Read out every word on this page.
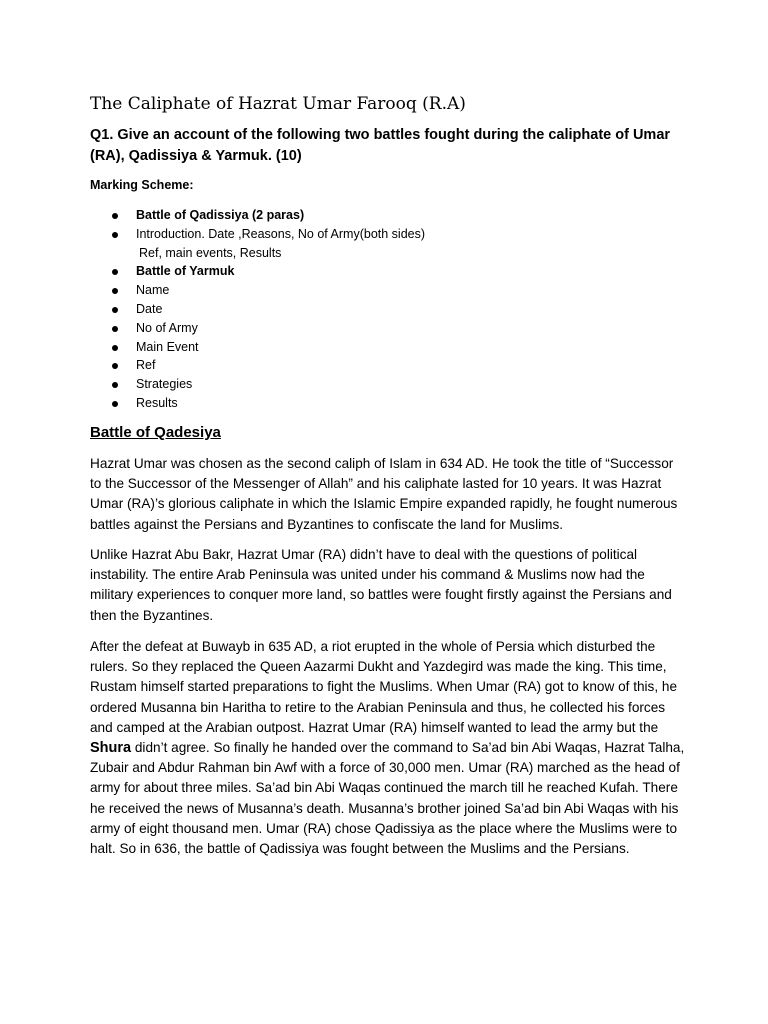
The Caliphate of Hazrat Umar Farooq (R.A)

Q1. Give an account of the following two battles fought during the caliphate of Umar (RA), Qadissiya & Yarmuk. (10)

Marking Scheme:

Battle of Qadissiya (2 paras)
Introduction. Date ,Reasons, No of Army(both sides)
Ref, main events, Results
Battle of Yarmuk
Name
Date
No of Army
Main Event
Ref
Strategies
Results
Battle of Qadesiya

Hazrat Umar was chosen as the second caliph of Islam in 634 AD. He took the title of “Successor to the Successor of the Messenger of Allah” and his caliphate lasted for 10 years. It was Hazrat Umar (RA)’s glorious caliphate in which the Islamic Empire expanded rapidly, he fought numerous battles against the Persians and Byzantines to confiscate the land for Muslims.

Unlike Hazrat Abu Bakr, Hazrat Umar (RA) didn’t have to deal with the questions of political instability. The entire Arab Peninsula was united under his command & Muslims now had the military experiences to conquer more land, so battles were fought firstly against the Persians and then the Byzantines.

After the defeat at Buwayb in 635 AD, a riot erupted in the whole of Persia which disturbed the rulers. So they replaced the Queen Aazarmi Dukht and Yazdegird was made the king. This time, Rustam himself started preparations to fight the Muslims. When Umar (RA) got to know of this, he ordered Musanna bin Haritha to retire to the Arabian Peninsula and thus, he collected his forces and camped at the Arabian outpost. Hazrat Umar (RA) himself wanted to lead the army but the Shura didn’t agree. So finally he handed over the command to Sa’ad bin Abi Waqas, Hazrat Talha, Zubair and Abdur Rahman bin Awf with a force of 30,000 men. Umar (RA) marched as the head of army for about three miles. Sa’ad bin Abi Waqas continued the march till he reached Kufah. There he received the news of Musanna’s death. Musanna’s brother joined Sa’ad bin Abi Waqas with his army of eight thousand men. Umar (RA) chose Qadissiya as the place where the Muslims were to halt. So in 636, the battle of Qadissiya was fought between the Muslims and the Persians.
